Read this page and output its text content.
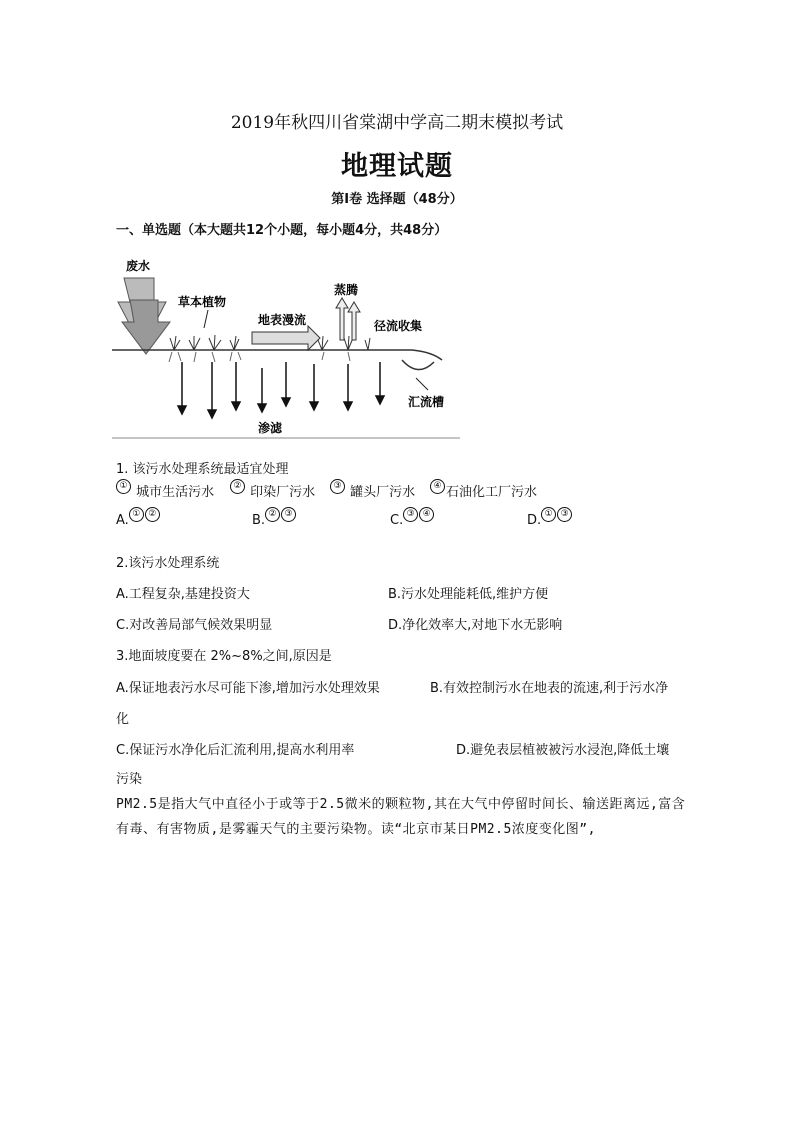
2019年秋四川省棠湖中学高二期末模拟考试
地理试题
第Ⅰ卷 选择题（48分）
一、单选题（本大题共12个小题，每小题4分，共48分）
废水
草本植物
地表漫流
蒸腾
径流收集
汇流槽
渗滤
1. 该污水处理系统最适宜处理
① 城市生活污水	② 印染厂污水	③ 罐头厂污水	④ 石油化工厂污水
A. ① ②	B. ② ③	C. ③ ④	D. ① ③
2.该污水处理系统
A.工程复杂,基建投资大	B.污水处理能耗低,维护方便
C.对改善局部气候效果明显	D.净化效率大,对地下水无影响
3.地面坡度要在 2%~8%之间,原因是
A.保证地表污水尽可能下渗,增加污水处理效果	B.有效控制污水在地表的流速,利于污水净
化
C.保证污水净化后汇流利用,提高水利用率	D.避免表层植被被污水浸泡,降低土壤
污染
PM2.5是指大气中直径小于或等于2.5微米的颗粒物,其在大气中停留时间长、输送距离远,富含有毒、有害物质,是雾霾天气的主要污染物。读“北京市某日PM2.5浓度变化图”,
